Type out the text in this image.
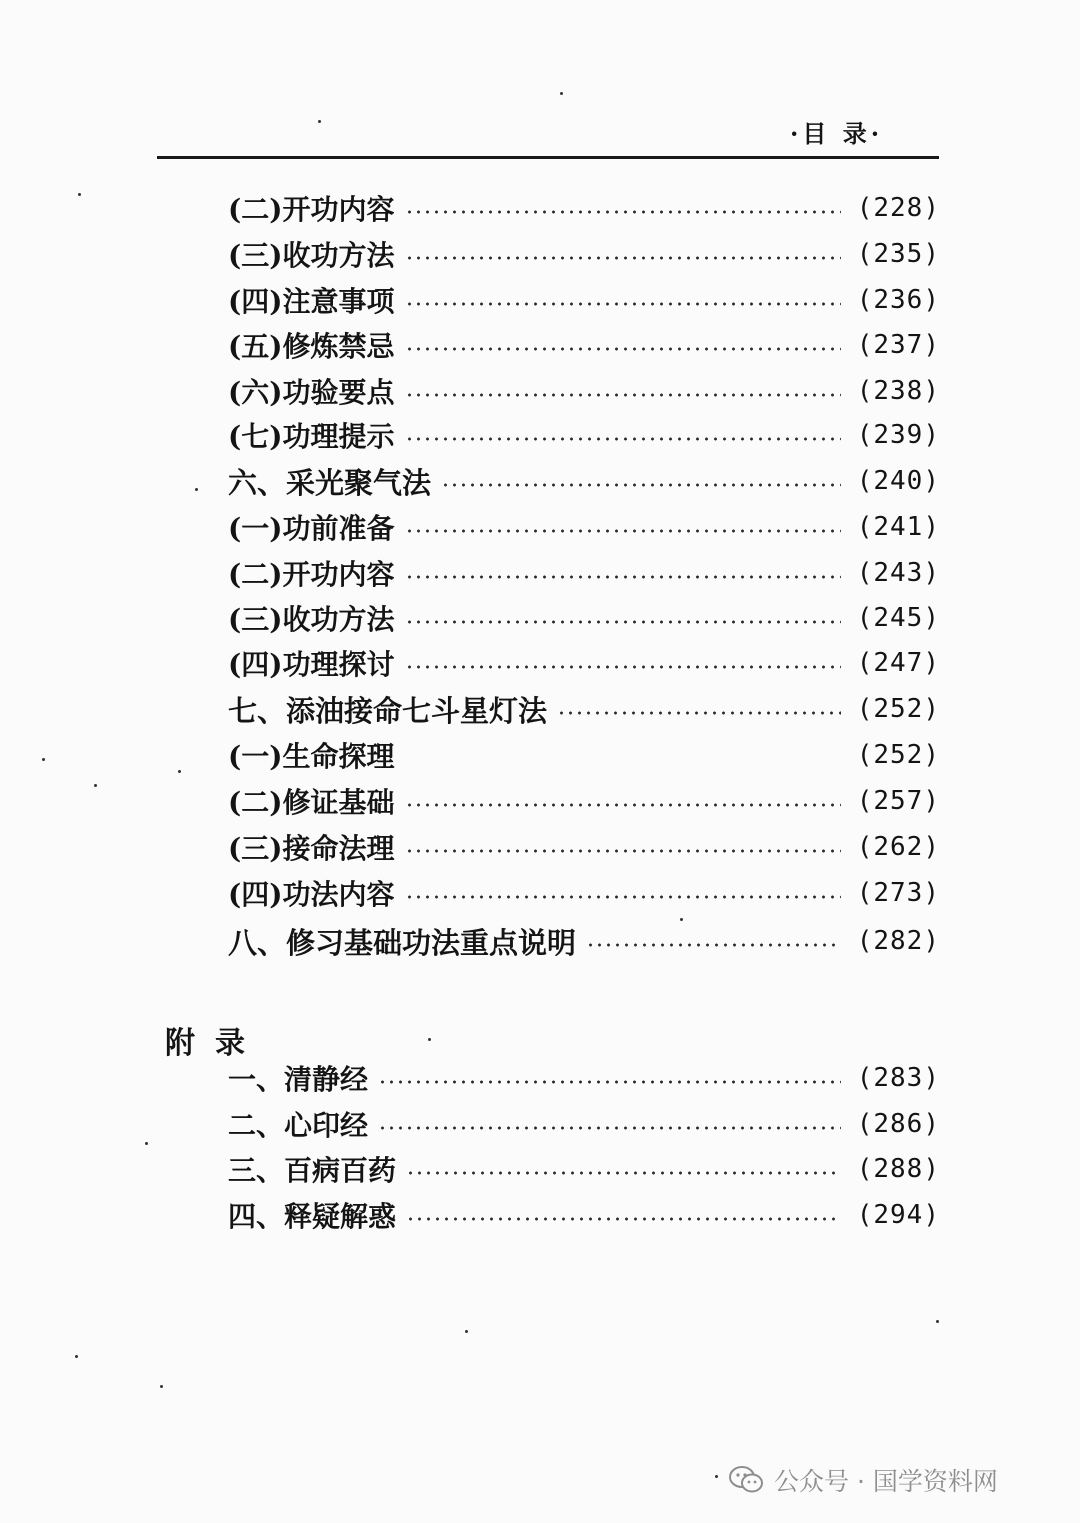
·目 录·
(二)开功内容	(228)
(三)收功方法	(235)
(四)注意事项	(236)
(五)修炼禁忌	(237)
(六)功验要点	(238)
(七)功理提示	(239)
六、采光聚气法	(240)
(一)功前准备	(241)
(二)开功内容	(243)
(三)收功方法	(245)
(四)功理探讨	(247)
七、添油接命七斗星灯法	(252)
(一)生命探理	(252)
(二)修证基础	(257)
(三)接命法理	(262)
(四)功法内容	(273)
八、修习基础功法重点说明	(282)
附录
一、清静经	(283)
二、心印经	(286)
三、百病百药	(288)
四、释疑解惑	(294)
公众号 · 国学资料网
